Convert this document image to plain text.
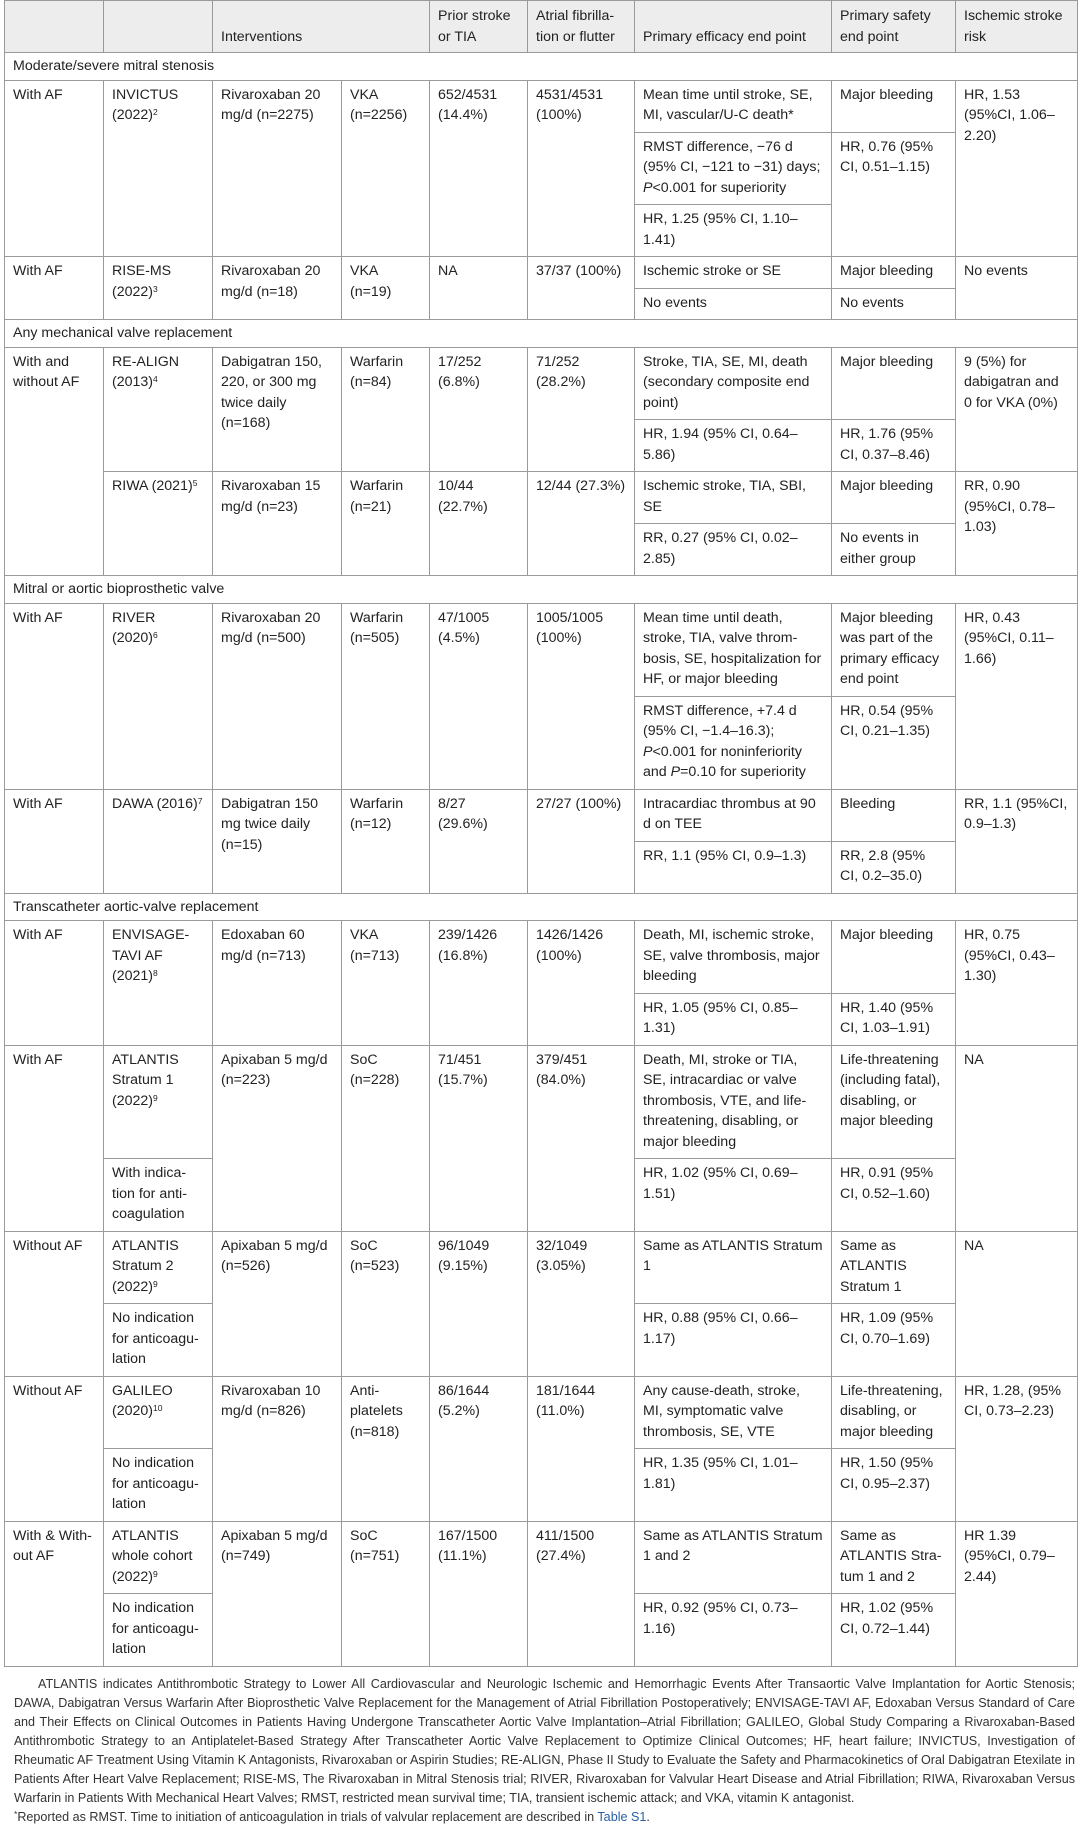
		Interventions		Prior stroke or TIA	Atrial fibrillation or flutter	Primary efficacy end point	Primary safety end point	Ischemic stroke risk
Moderate/severe mitral stenosis								
With AF	INVICTUS $(2022)^2$	Rivaroxaban 20 mg/d (n=2275)	VKA (n=2256)	652/4531 (14.4%)	4531/4531 (100%)	Mean time until stroke, SE, MI, vascular/U-C death*	Major bleeding	HR, 1.53 (95%CI, 1.06–2.20)
						RMST difference, −76 d (95% CI, −121 to −31) days; P<0.001 for superiority	HR, 0.76 (95% CI, 0.51–1.15)	
						HR, 1.25 (95% CI, 1.10–1.41)		
With AF	RISE-MS $(2022)^3$	Rivaroxaban 20 mg/d (n=18)	VKA (n=19)	NA	37/37 (100%)	Ischemic stroke or SE	Major bleeding	No events
						No events	No events	
Any mechanical valve replacement								
With and without AF	RE-ALIGN $(2013)^4$	Dabigatran 150, 220, or 300 mg twice daily (n=168)	Warfarin (n=84)	17/252 (6.8%)	71/252 (28.2%)	Stroke, TIA, SE, MI, death (secondary composite end point)	Major bleeding	9 (5%) for dabigatran and 0 for VKA (0%)
						HR, 1.94 (95% CI, 0.64–5.86)	HR, 1.76 (95% CI, 0.37–8.46)	
	RIWA $(2021)^5$	Rivaroxaban 15 mg/d (n=23)	Warfarin (n=21)	10/44 (22.7%)	12/44 (27.3%)	Ischemic stroke, TIA, SBI, SE	Major bleeding	RR, 0.90 (95%CI, 0.78–1.03)
						RR, 0.27 (95% CI, 0.02–2.85)	No events in either group	
Mitral or aortic bioprosthetic valve								
With AF	RIVER $(2020)^6$	Rivaroxaban 20 mg/d (n=500)	Warfarin (n=505)	47/1005 (4.5%)	1005/1005 (100%)	Mean time until death, stroke, TIA, valve thrombosis, SE, hospitalization for HF, or major bleeding	Major bleeding was part of the primary efficacy end point	HR, 0.43 (95%CI, 0.11–1.66)
						RMST difference, +7.4 d (95% CI, −1.4–16.3); P<0.001 for noninferiority and P=0.10 for superiority	HR, 0.54 (95% CI, 0.21–1.35)	
With AF	DAWA $(2016)^7$	Dabigatran 150 mg twice daily (n=15)	Warfarin (n=12)	8/27 (29.6%)	27/27 (100%)	Intracardiac thrombus at 90 d on TEE	Bleeding	RR, 1.1 (95%CI, 0.9–1.3)
						RR, 1.1 (95% CI, 0.9–1.3)	RR, 2.8 (95% CI, 0.2–35.0)	
Transcatheter aortic-valve replacement								
With AF	ENVISAGE-TAVI AF $(2021)^8$	Edoxaban 60 mg/d (n=713)	VKA (n=713)	239/1426 (16.8%)	1426/1426 (100%)	Death, MI, ischemic stroke, SE, valve thrombosis, major bleeding	Major bleeding	HR, 0.75 (95%CI, 0.43–1.30)
						HR, 1.05 (95% CI, 0.85–1.31)	HR, 1.40 (95% CI, 1.03–1.91)	
With AF	ATLANTIS Stratum 1 $(2022)^9$	Apixaban 5 mg/d (n=223)	SoC (n=228)	71/451 (15.7%)	379/451 (84.0%)	Death, MI, stroke or TIA, SE, intracardiac or valve thrombosis, VTE, and life-threatening, disabling, or major bleeding	Life-threatening (including fatal), disabling, or major bleeding	NA
	With indication for anticoagulation					HR, 1.02 (95% CI, 0.69–1.51)	HR, 0.91 (95% CI, 0.52–1.60)	
Without AF	ATLANTIS Stratum 2 $(2022)^9$	Apixaban 5 mg/d (n=526)	SoC (n=523)	96/1049 (9.15%)	32/1049 (3.05%)	Same as ATLANTIS Stratum 1	Same as ATLANTIS Stratum 1	NA
	No indication for anticoagulation					HR, 0.88 (95% CI, 0.66–1.17)	HR, 1.09 (95% CI, 0.70–1.69)	
Without AF	GALILEO $(2020)^{10}$	Rivaroxaban 10 mg/d (n=826)	Antiplatelets (n=818)	86/1644 (5.2%)	181/1644 (11.0%)	Any cause-death, stroke, MI, symptomatic valve thrombosis, SE, VTE	Life-threatening, disabling, or major bleeding	HR, 1.28, (95% CI, 0.73–2.23)
	No indication for anticoagulation					HR, 1.35 (95% CI, 1.01–1.81)	HR, 1.50 (95% CI, 0.95–2.37)	
With & Without AF	ATLANTIS whole cohort $(2022)^9$	Apixaban 5 mg/d (n=749)	SoC (n=751)	167/1500 (11.1%)	411/1500 (27.4%)	Same as ATLANTIS Stratum 1 and 2	Same as ATLANTIS Stratum 1 and 2	HR 1.39 (95%CI, 0.79–2.44)
	No indication for anticoagulation					HR, 0.92 (95% CI, 0.73–1.16)	HR, 1.02 (95% CI, 0.72–1.44)	

ATLANTIS indicates Antithrombotic Strategy to Lower All Cardiovascular and Neurologic Ischemic and Hemorrhagic Events After Transaortic Valve Implantation for Aortic Stenosis; DAWA, Dabigatran Versus Warfarin After Bioprosthetic Valve Replacement for the Management of Atrial Fibrillation Postoperatively; ENVISAGE-TAVI AF, Edoxaban Versus Standard of Care and Their Effects on Clinical Outcomes in Patients Having Undergone Transcatheter Aortic Valve Implantation–Atrial Fibrillation; GALILEO, Global Study Comparing a Rivaroxaban-Based Antithrombotic Strategy to an Antiplatelet-Based Strategy After Transcatheter Aortic Valve Replacement to Optimize Clinical Outcomes; HF, heart failure; INVICTUS, Investigation of Rheumatic AF Treatment Using Vitamin K Antagonists, Rivaroxaban or Aspirin Studies; RE-ALIGN, Phase II Study to Evaluate the Safety and Pharmacokinetics of Oral Dabigatran Etexilate in Patients After Heart Valve Replacement; RISE-MS, The Rivaroxaban in Mitral Stenosis trial; RIVER, Rivaroxaban for Valvular Heart Disease and Atrial Fibrillation; RIWA, Rivaroxaban Versus Warfarin in Patients With Mechanical Heart Valves; RMST, restricted mean survival time; TIA, transient ischemic attack; and VKA, vitamin K antagonist.

*Reported as RMST. Time to initiation of anticoagulation in trials of valvular replacement are described in Table S1.
